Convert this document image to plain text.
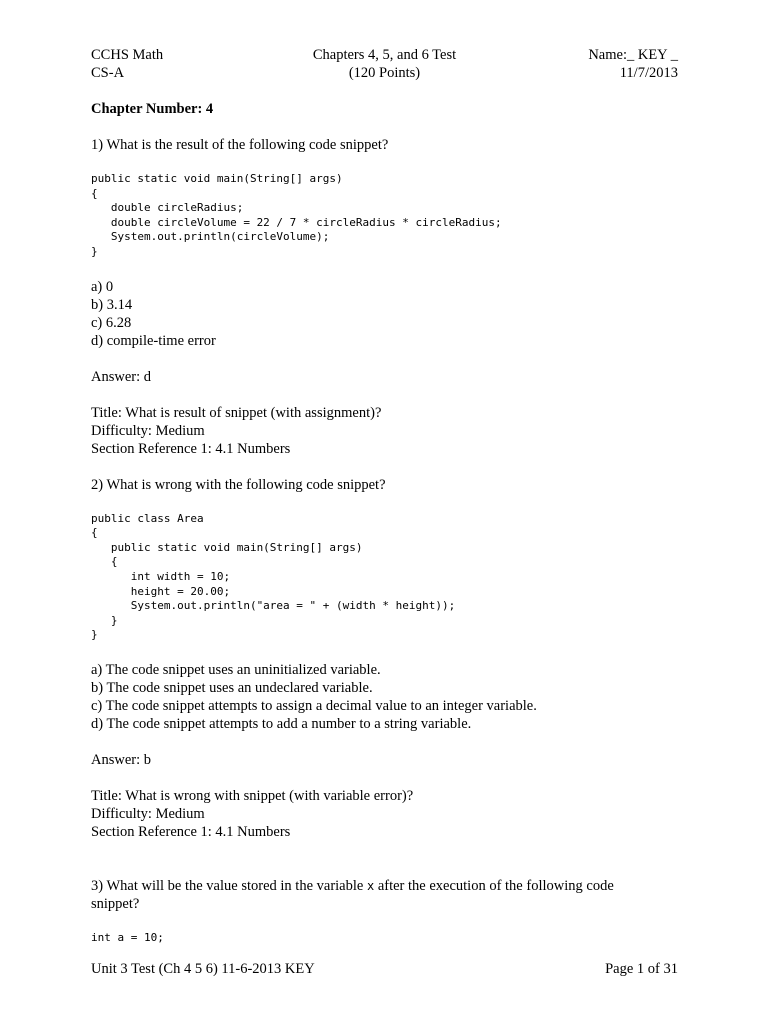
CCHS Math
CS-A
Chapters 4, 5, and 6 Test
(120 Points)
Name:_ KEY _
11/7/2013
Chapter Number: 4
1) What is the result of the following code snippet?
public static void main(String[] args)
{
double circleRadius;
double circleVolume = 22 / 7 * circleRadius * circleRadius;
System.out.println(circleVolume);
}
a) 0
b) 3.14
c) 6.28
d) compile-time error
Answer: d
Title: What is result of snippet (with assignment)?
Difficulty: Medium
Section Reference 1: 4.1 Numbers
2) What is wrong with the following code snippet?
public class Area
{
public static void main(String[] args)
{
int width = 10;
height = 20.00;
System.out.println("area = " + (width * height));
}
}
a) The code snippet uses an uninitialized variable.
b) The code snippet uses an undeclared variable.
c) The code snippet attempts to assign a decimal value to an integer variable.
d) The code snippet attempts to add a number to a string variable.
Answer: b
Title: What is wrong with snippet (with variable error)?
Difficulty: Medium
Section Reference 1: 4.1 Numbers
3) What will be the value stored in the variable x after the execution of the following code
snippet?
int a = 10;
Unit 3 Test (Ch 4 5 6) 11-6-2013 KEY	Page 1 of 31
